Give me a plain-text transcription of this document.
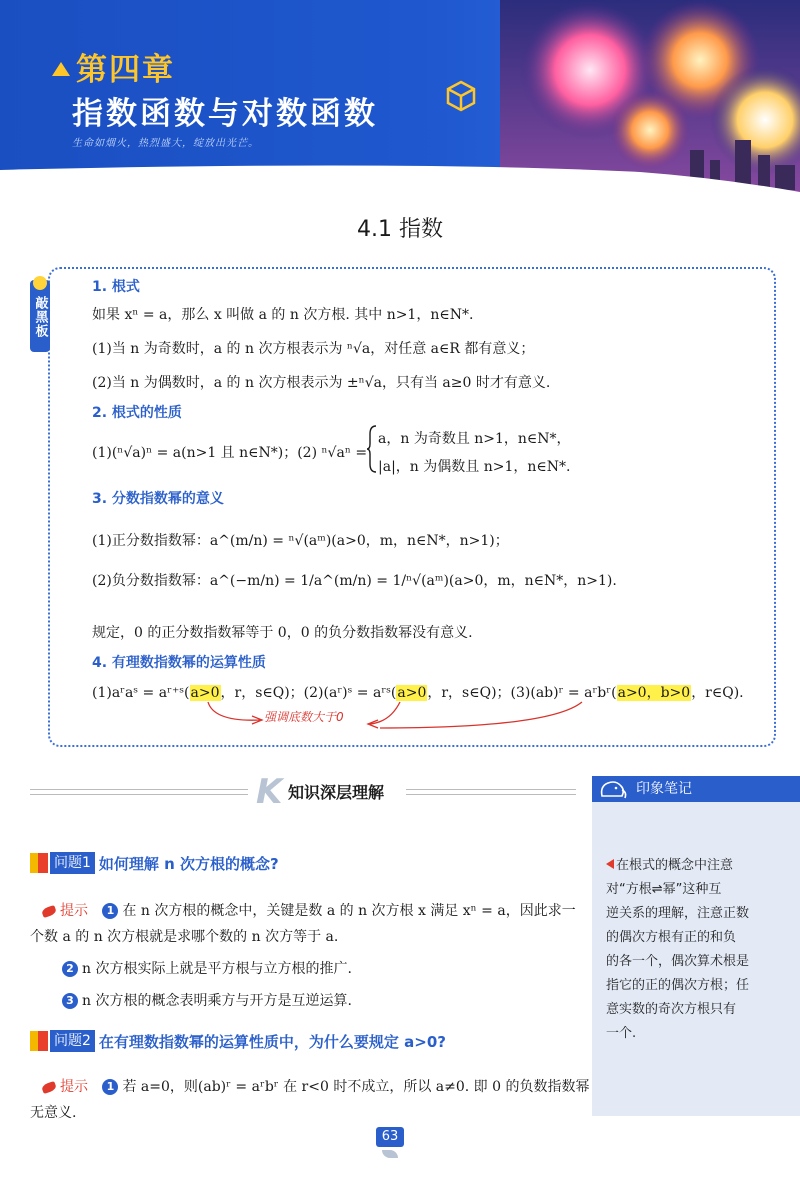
第四章
指数函数与对数函数
生命如烟火，热烈盛大，绽放出光芒。
4.1 指数
敲黑板
1. 根式
如果 xⁿ = a，那么 x 叫做 a 的 n 次方根. 其中 n>1，n∈N*.
(1)当 n 为奇数时，a 的 n 次方根表示为 ⁿ√a，对任意 a∈R 都有意义；
(2)当 n 为偶数时，a 的 n 次方根表示为 ±ⁿ√a，只有当 a≥0 时才有意义.
2. 根式的性质
(1)(ⁿ√a)ⁿ = a(n>1 且 n∈N*)；(2) ⁿ√aⁿ =
a，n 为奇数且 n>1，n∈N*，
|a|，n 为偶数且 n>1，n∈N*.
3. 分数指数幂的意义
(1)正分数指数幂：a^(m/n) = ⁿ√(aᵐ)(a>0，m，n∈N*，n>1)；
(2)负分数指数幂：a^(−m/n) = 1/a^(m/n) = 1/ⁿ√(aᵐ)(a>0，m，n∈N*，n>1).
规定，0 的正分数指数幂等于 0，0 的负分数指数幂没有意义.
4. 有理数指数幂的运算性质
(1)aʳaˢ = aʳ⁺ˢ(a>0，r，s∈Q)；(2)(aʳ)ˢ = aʳˢ(a>0，r，s∈Q)；(3)(ab)ʳ = aʳbʳ(a>0，b>0，r∈Q).
强调底数大于0
K 知识深层理解
问题1 如何理解 n 次方根的概念?
提示 1 在 n 次方根的概念中，关键是数 a 的 n 次方根 x 满足 xⁿ = a，因此求一
个数 a 的 n 次方根就是求哪个数的 n 次方等于 a.
2 n 次方根实际上就是平方根与立方根的推广.
3 n 次方根的概念表明乘方与开方是互逆运算.
问题2 在有理数指数幂的运算性质中，为什么要规定 a>0?
提示 1 若 a=0，则(ab)ʳ = aʳbʳ 在 r<0 时不成立，所以 a≠0. 即 0 的负数指数幂
无意义.
印象笔记
在根式的概念中注意
对“方根⇌幂”这种互
逆关系的理解，注意正数
的偶次方根有正的和负
的各一个，偶次算术根是
指它的正的偶次方根；任
意实数的奇次方根只有
一个.
63
